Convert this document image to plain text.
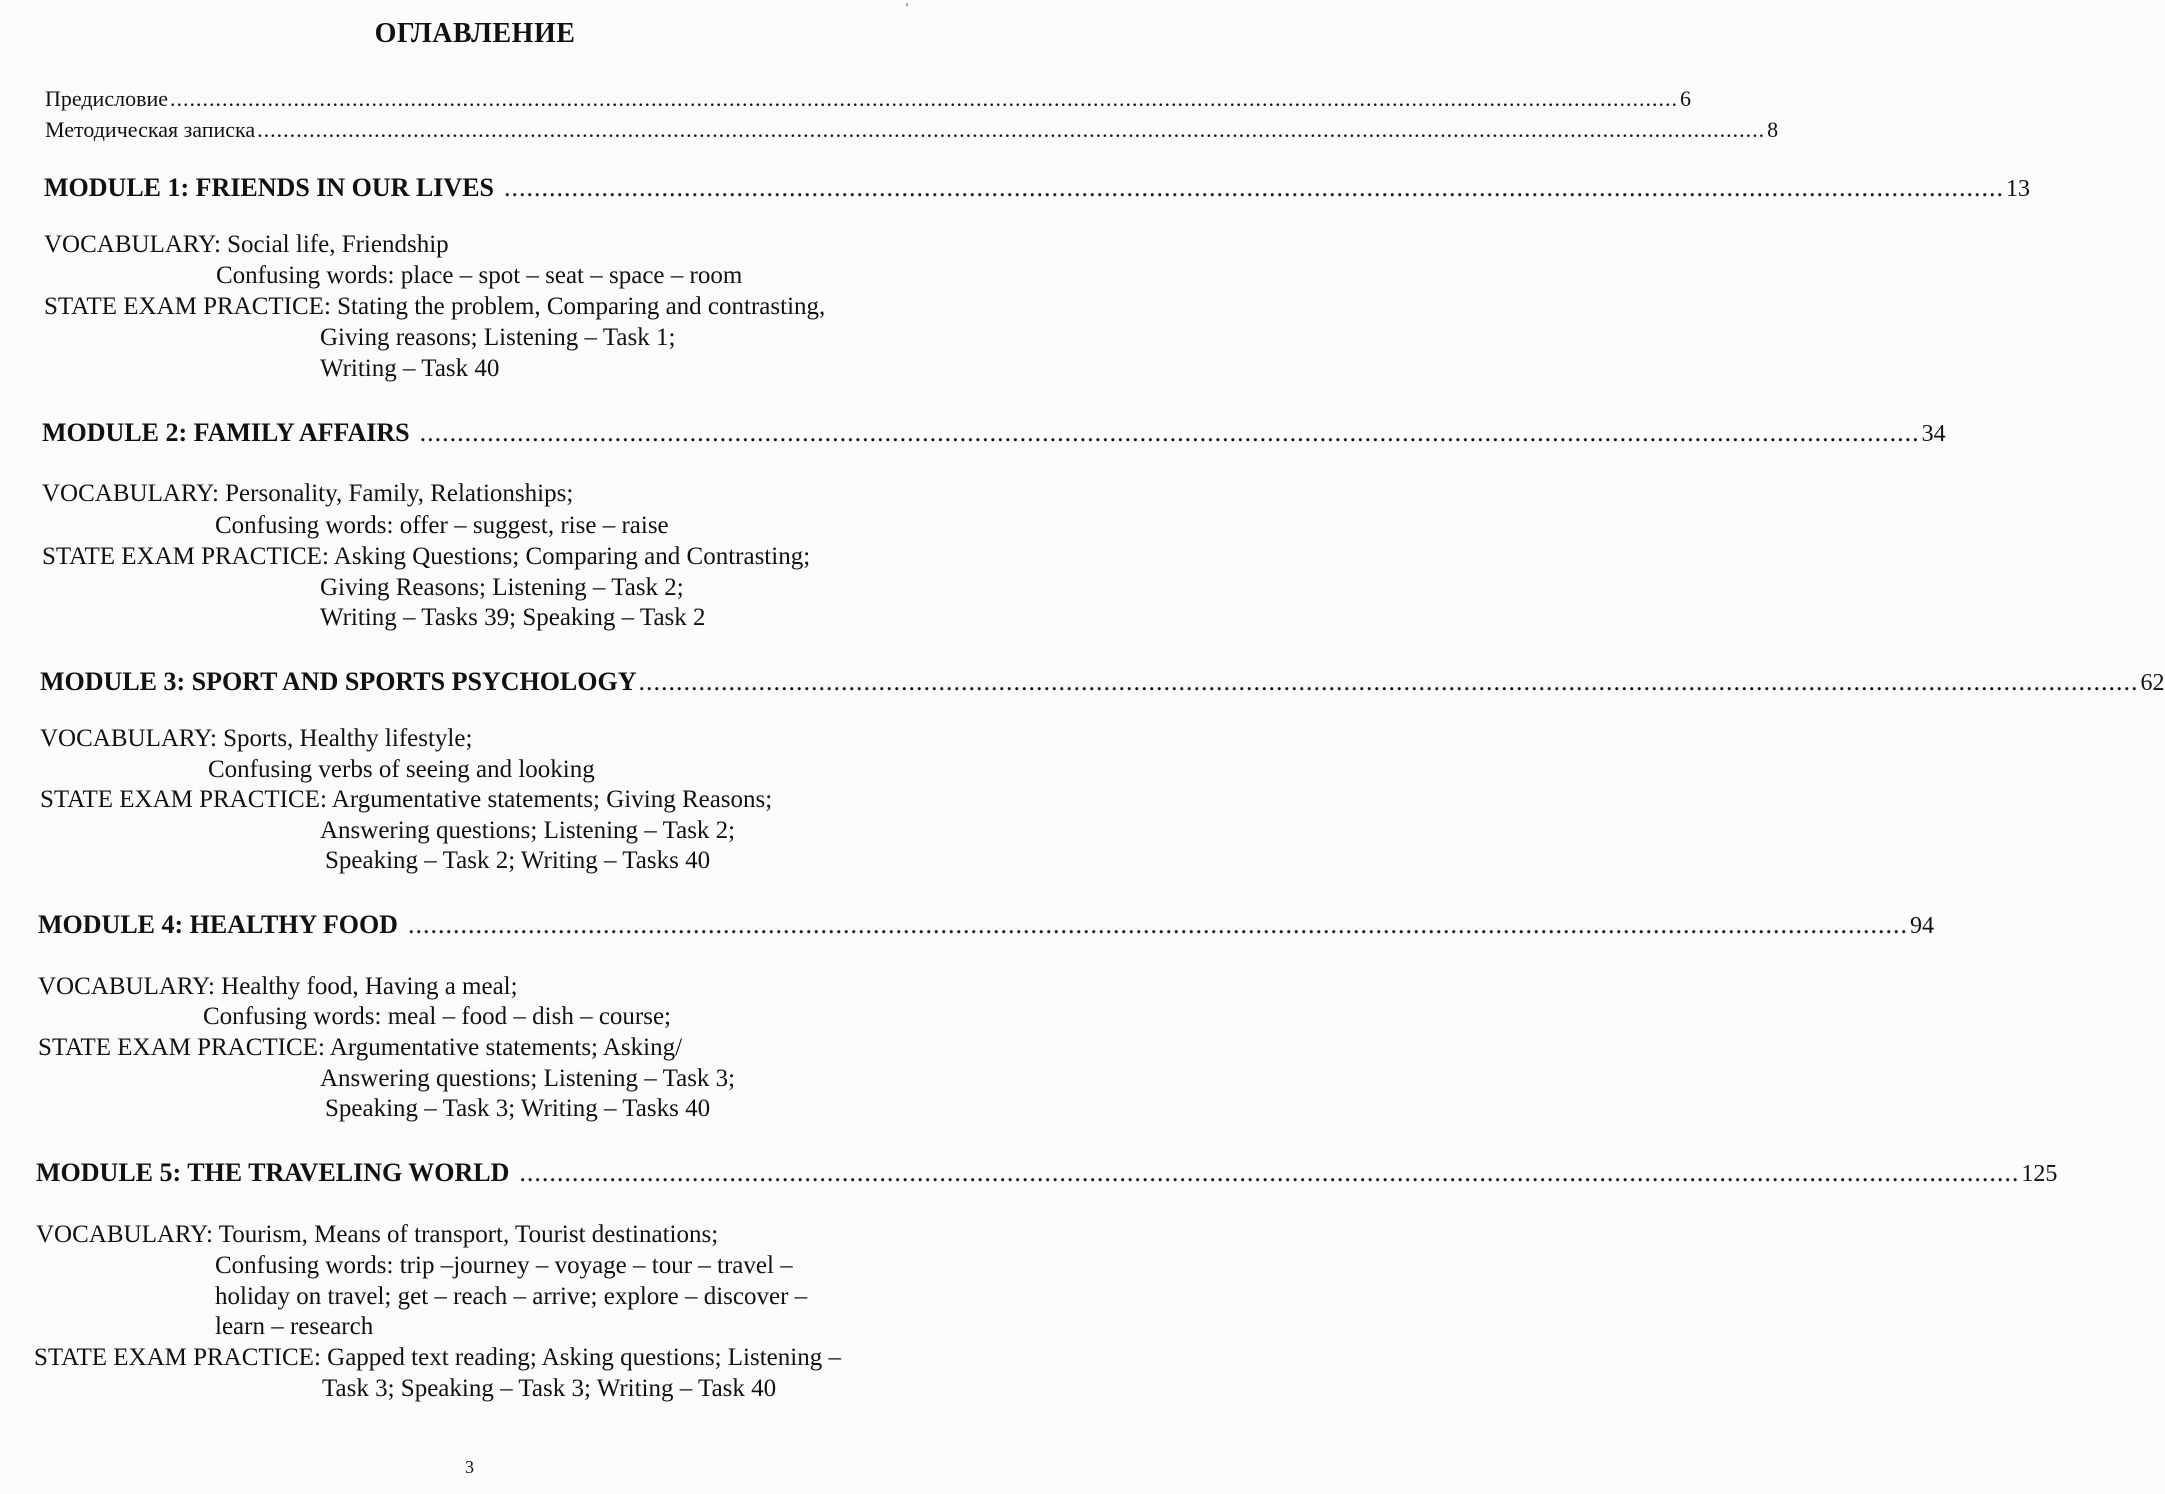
'
ОГЛАВЛЕНИЕ
Предисловие ........................................................................................................................................................................................................................................ 6
Методическая записка ........................................................................................................................................................................................................................................ 8
MODULE 1: FRIENDS IN OUR LIVES ........................................................................................................................................................................................................ 13
VOCABULARY: Social life, Friendship
Confusing words: place – spot – seat – space – room
STATE EXAM PRACTICE: Stating the problem, Comparing and contrasting,
Giving reasons; Listening – Task 1;
Writing – Task 40
MODULE 2: FAMILY AFFAIRS ........................................................................................................................................................................................................ 34
VOCABULARY: Personality, Family, Relationships;
Confusing words: offer – suggest, rise – raise
STATE EXAM PRACTICE: Asking Questions; Comparing and Contrasting;
Giving Reasons; Listening – Task 2;
Writing – Tasks 39; Speaking – Task 2
MODULE 3: SPORT AND SPORTS PSYCHOLOGY ........................................................................................................................................................................................................ 62
VOCABULARY: Sports, Healthy lifestyle;
Confusing verbs of seeing and looking
STATE EXAM PRACTICE: Argumentative statements; Giving Reasons;
Answering questions; Listening – Task 2;
Speaking – Task 2; Writing – Tasks 40
MODULE 4: HEALTHY FOOD ........................................................................................................................................................................................................ 94
VOCABULARY: Healthy food, Having a meal;
Confusing words: meal – food – dish – course;
STATE EXAM PRACTICE: Argumentative statements; Asking/
Answering questions; Listening – Task 3;
Speaking – Task 3; Writing – Tasks 40
MODULE 5: THE TRAVELING WORLD ........................................................................................................................................................................................................ 125
VOCABULARY: Tourism, Means of transport, Tourist destinations;
Confusing words: trip –journey – voyage – tour – travel –
holiday on travel; get – reach – arrive; explore – discover –
learn – research
STATE EXAM PRACTICE: Gapped text reading; Asking questions; Listening –
Task 3; Speaking – Task 3; Writing – Task 40
3
